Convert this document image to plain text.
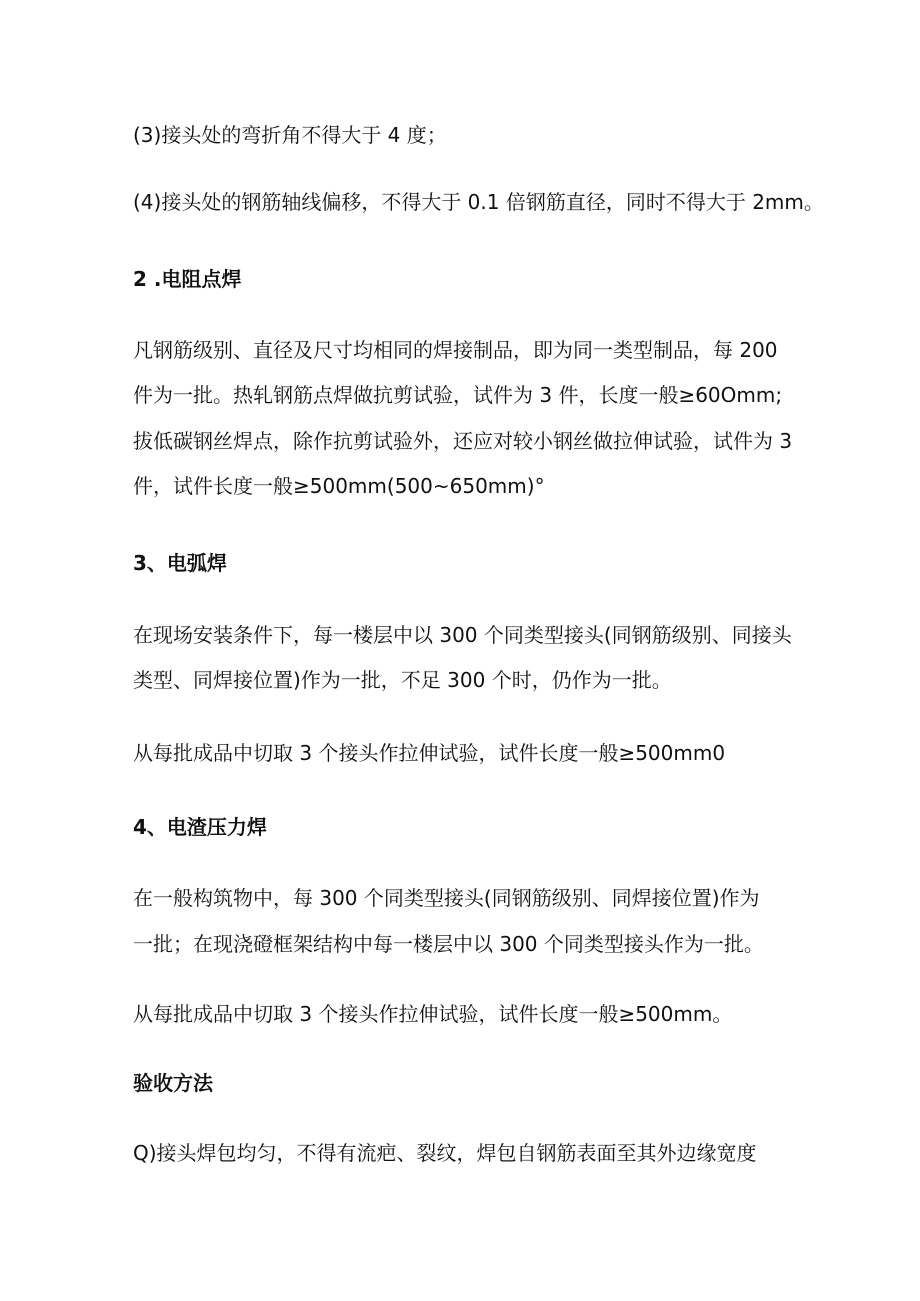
(3)接头处的弯折角不得大于 4 度；
(4)接头处的钢筋轴线偏移，不得大于 0.1 倍钢筋直径，同时不得大于 2mm。
2 .电阻点焊
凡钢筋级别、直径及尺寸均相同的焊接制品，即为同一类型制品，每 200
件为一批。热轧钢筋点焊做抗剪试验，试件为 3 件，长度一般≥60Omm;
拔低碳钢丝焊点，除作抗剪试验外，还应对较小钢丝做拉伸试验，试件为 3
件，试件长度一般≥500mm(500~650mm)°
3、电弧焊
在现场安装条件下，每一楼层中以 300 个同类型接头(同钢筋级别、同接头
类型、同焊接位置)作为一批，不足 300 个时，仍作为一批。
从每批成品中切取 3 个接头作拉伸试验，试件长度一般≥500mm0
4、电渣压力焊
在一般构筑物中，每 300 个同类型接头(同钢筋级别、同焊接位置)作为
一批；在现浇磴框架结构中每一楼层中以 300 个同类型接头作为一批。
从每批成品中切取 3 个接头作拉伸试验，试件长度一般≥500mm。
验收方法
Q)接头焊包均匀，不得有流疤、裂纹，焊包自钢筋表面至其外边缘宽度
